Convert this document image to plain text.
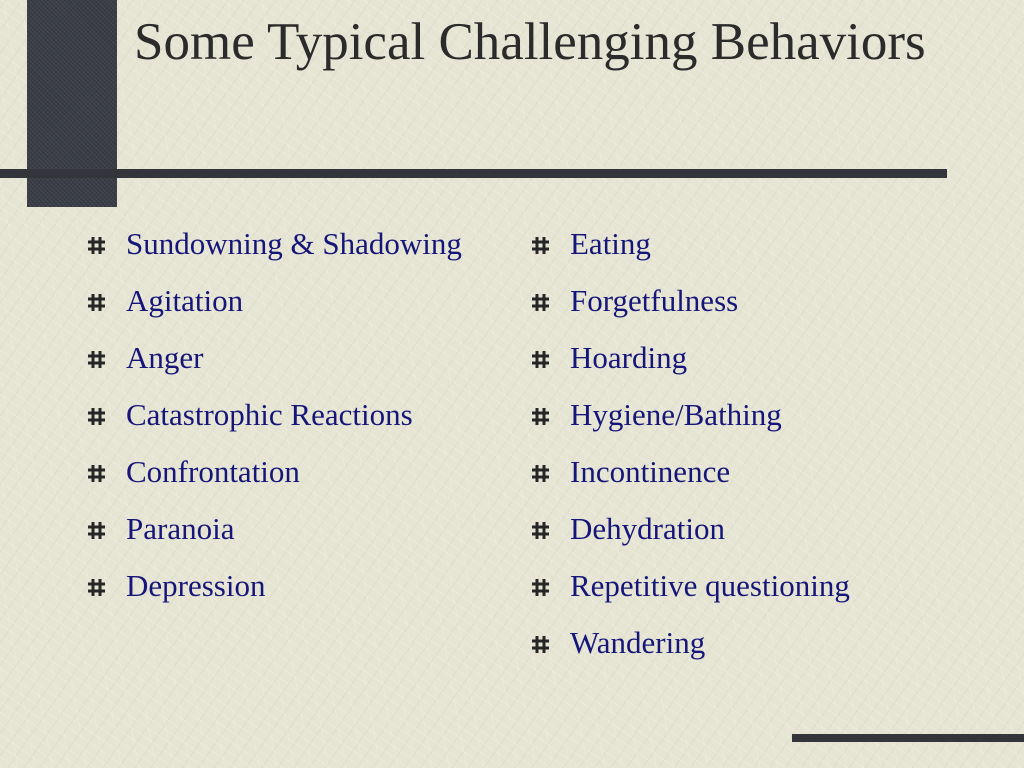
Some Typical Challenging Behaviors
Sundowning & Shadowing
Agitation
Anger
Catastrophic Reactions
Confrontation
Paranoia
Depression
Eating
Forgetfulness
Hoarding
Hygiene/Bathing
Incontinence
Dehydration
Repetitive questioning
Wandering
